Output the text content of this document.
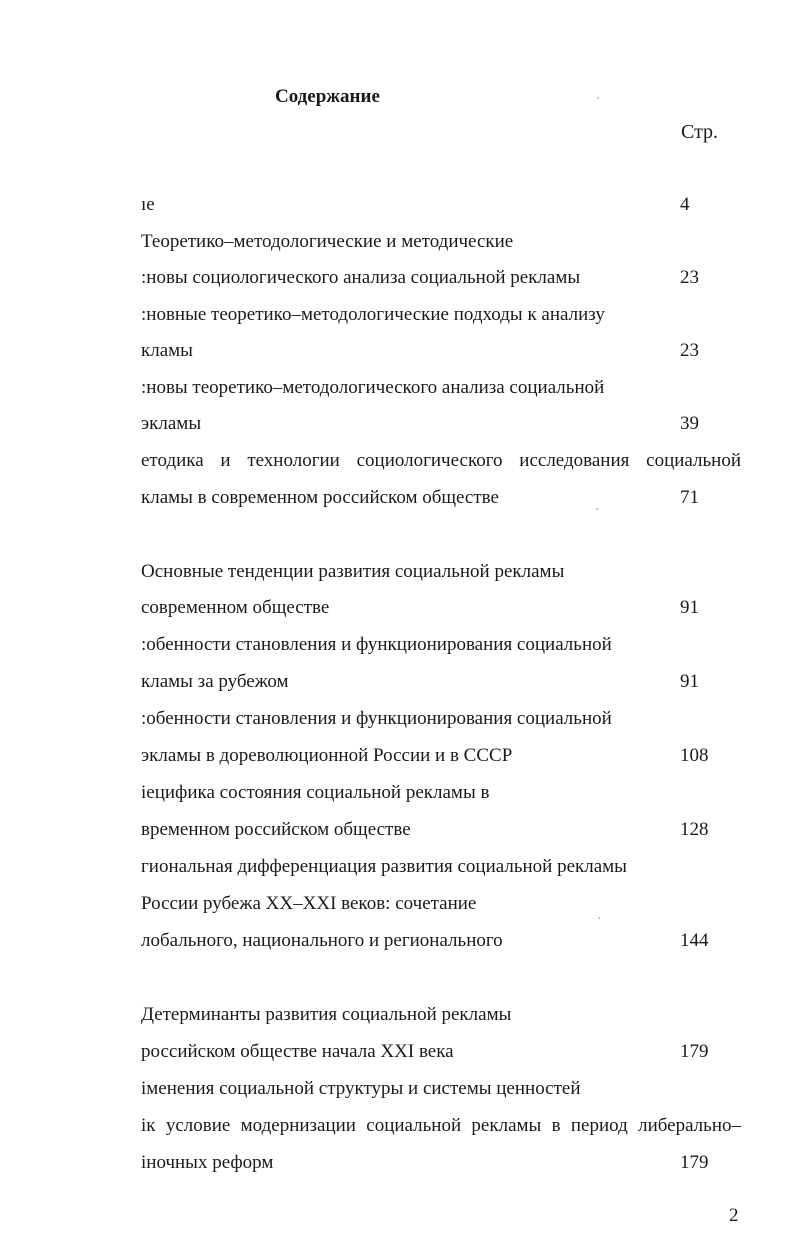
Содержание
Стр.
ıe	4
Теоретико–методологические и методические
:новы социологического анализа социальной рекламы	23
:новные теоретико–методологические подходы к анализу
кламы	23
:новы теоретико–методологического анализа социальной
экламы	39
етодика и технологии социологического исследования социальной
кламы в современном российском обществе	71
Основные тенденции развития социальной рекламы
современном обществе	91
:обенности становления и функционирования социальной
кламы за рубежом	91
:обенности становления и функционирования социальной
экламы в дореволюционной России и в СССР	108
іецифика состояния социальной рекламы в
временном российском обществе	128
гиональная дифференциация развития социальной рекламы
России рубежа XX–XXI веков: сочетание
лобального, национального и регионального	144
Детерминанты развития социальной рекламы
российском обществе начала XXI века	179
іменения социальной структуры и системы ценностей
ік условие модернизации социальной рекламы в период либерально–
іночных реформ	179
2
